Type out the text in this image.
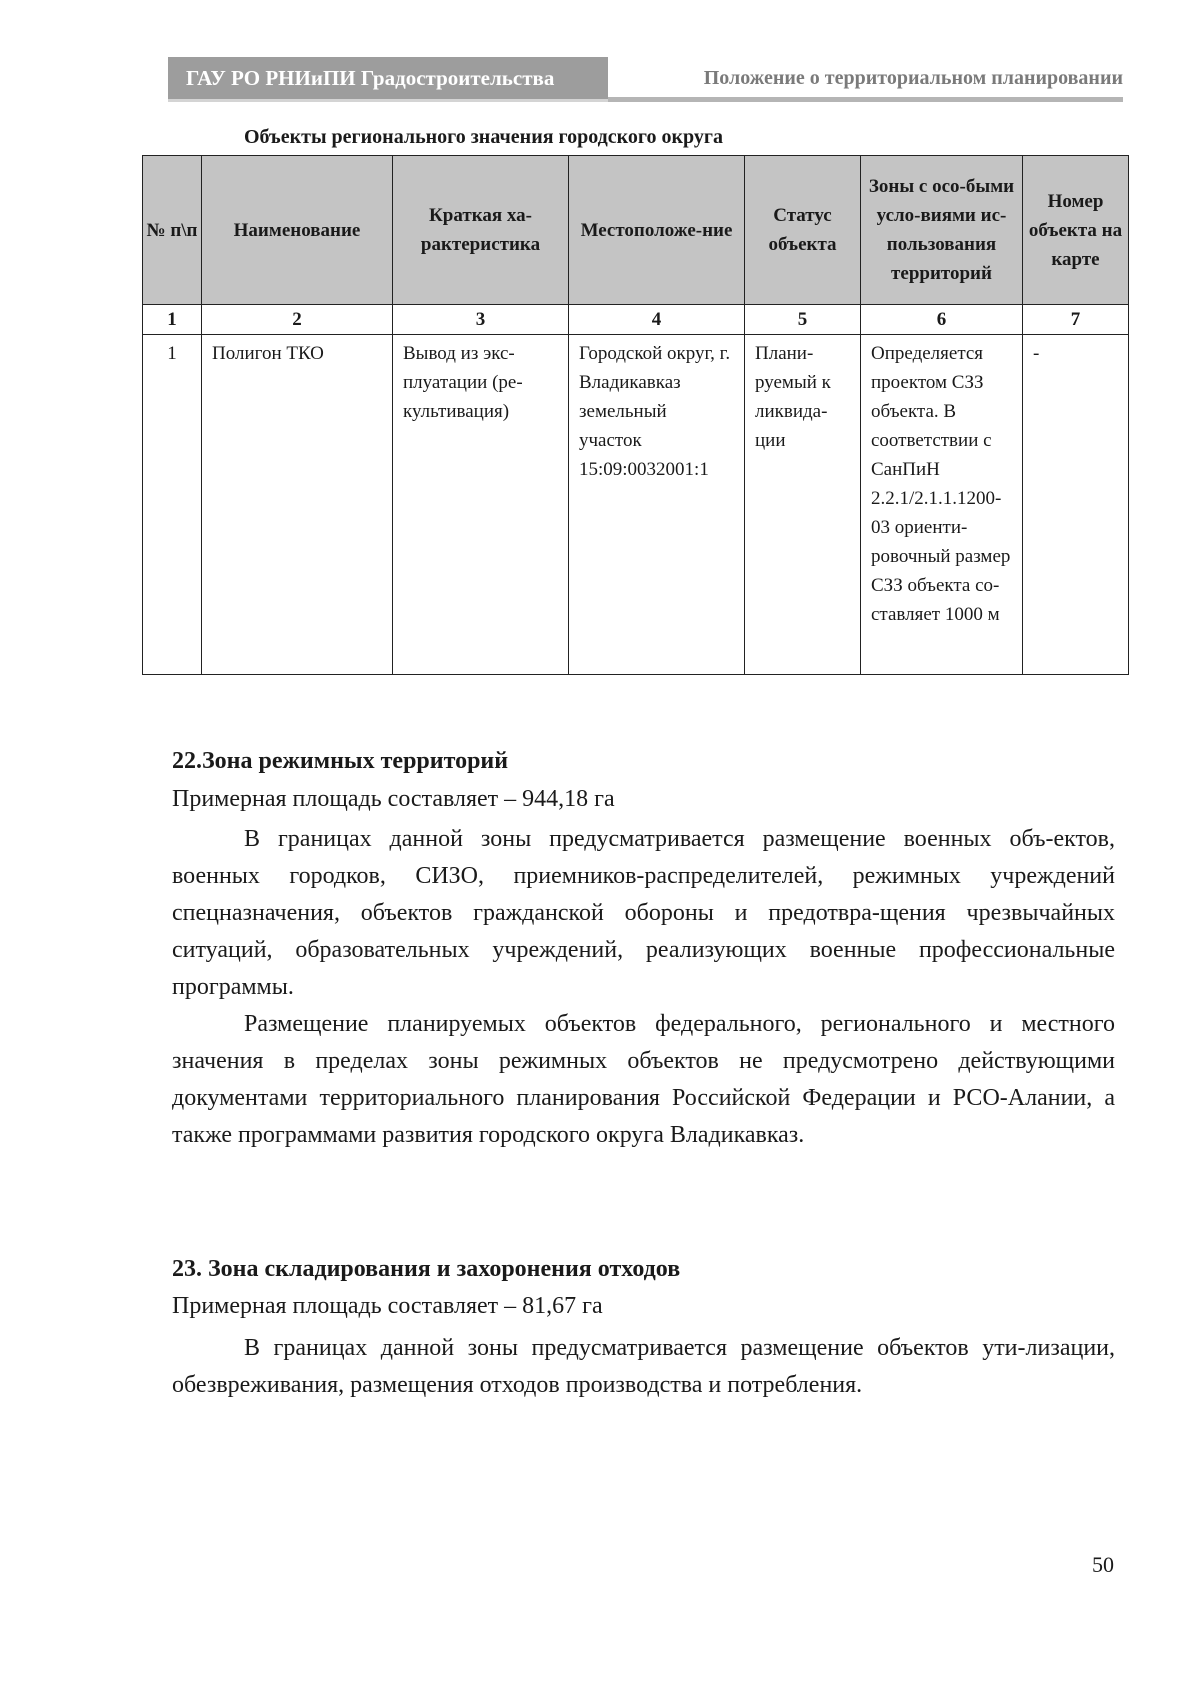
ГАУ РО РНИиПИ Градостроительства	Положение о территориальном планировании
Объекты регионального значения городского округа
№ п\п	Наименование	Краткая ха-рактеристика	Местоположе-ние	Статус объекта	Зоны с осо-быми усло-виями ис-пользования территорий	Номер объекта на карте
1	2	3	4	5	6	7
1	Полигон ТКО	Вывод из экс-плуатации (ре-культивация)	Городской округ, г. Владикавказ земельный участок 15:09:0032001:1	Плани-руемый к ликвида-ции	Определяется проектом СЗЗ объекта. В соответствии с СанПиН 2.2.1/2.1.1.1200-03 ориенти-ровочный размер СЗЗ объекта со-ставляет 1000 м	-
22.Зона режимных территорий
Примерная площадь составляет – 944,18 га

В границах данной зоны предусматривается размещение военных объ-ектов, военных городков, СИЗО, приемников-распределителей, режимных учреждений спецназначения, объектов гражданской обороны и предотвра-щения чрезвычайных ситуаций, образовательных учреждений, реализующих военные профессиональные программы.

Размещение планируемых объектов федерального, регионального и местного значения в пределах зоны режимных объектов не предусмотрено действующими документами территориального планирования Российской Федерации и РСО-Алании, а также программами развития городского округа Владикавказ.

23. Зона складирования и захоронения отходов
Примерная площадь составляет – 81,67 га

В границах данной зоны предусматривается размещение объектов ути-лизации, обезвреживания, размещения отходов производства и потребления.

50
